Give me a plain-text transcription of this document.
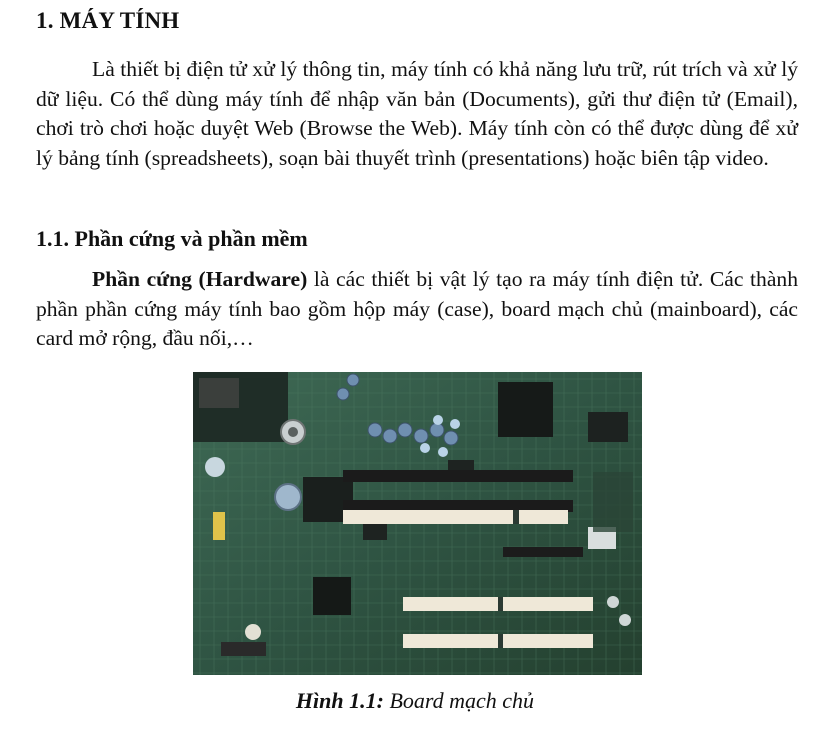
1. MÁY TÍNH

Là thiết bị điện tử xử lý thông tin, máy tính có khả năng lưu trữ, rút trích và xử lý dữ liệu. Có thể dùng máy tính để nhập văn bản (Documents), gửi thư điện tử (Email), chơi trò chơi hoặc duyệt Web (Browse the Web). Máy tính còn có thể được dùng để xử lý bảng tính (spreadsheets), soạn bài thuyết trình (presentations) hoặc biên tập video.

1.1. Phần cứng và phần mềm

Phần cứng (Hardware) là các thiết bị vật lý tạo ra máy tính điện tử. Các thành phần phần cứng máy tính bao gồm hộp máy (case), board mạch chủ (mainboard), các card mở rộng, đầu nối,…

Hình 1.1: Board mạch chủ
